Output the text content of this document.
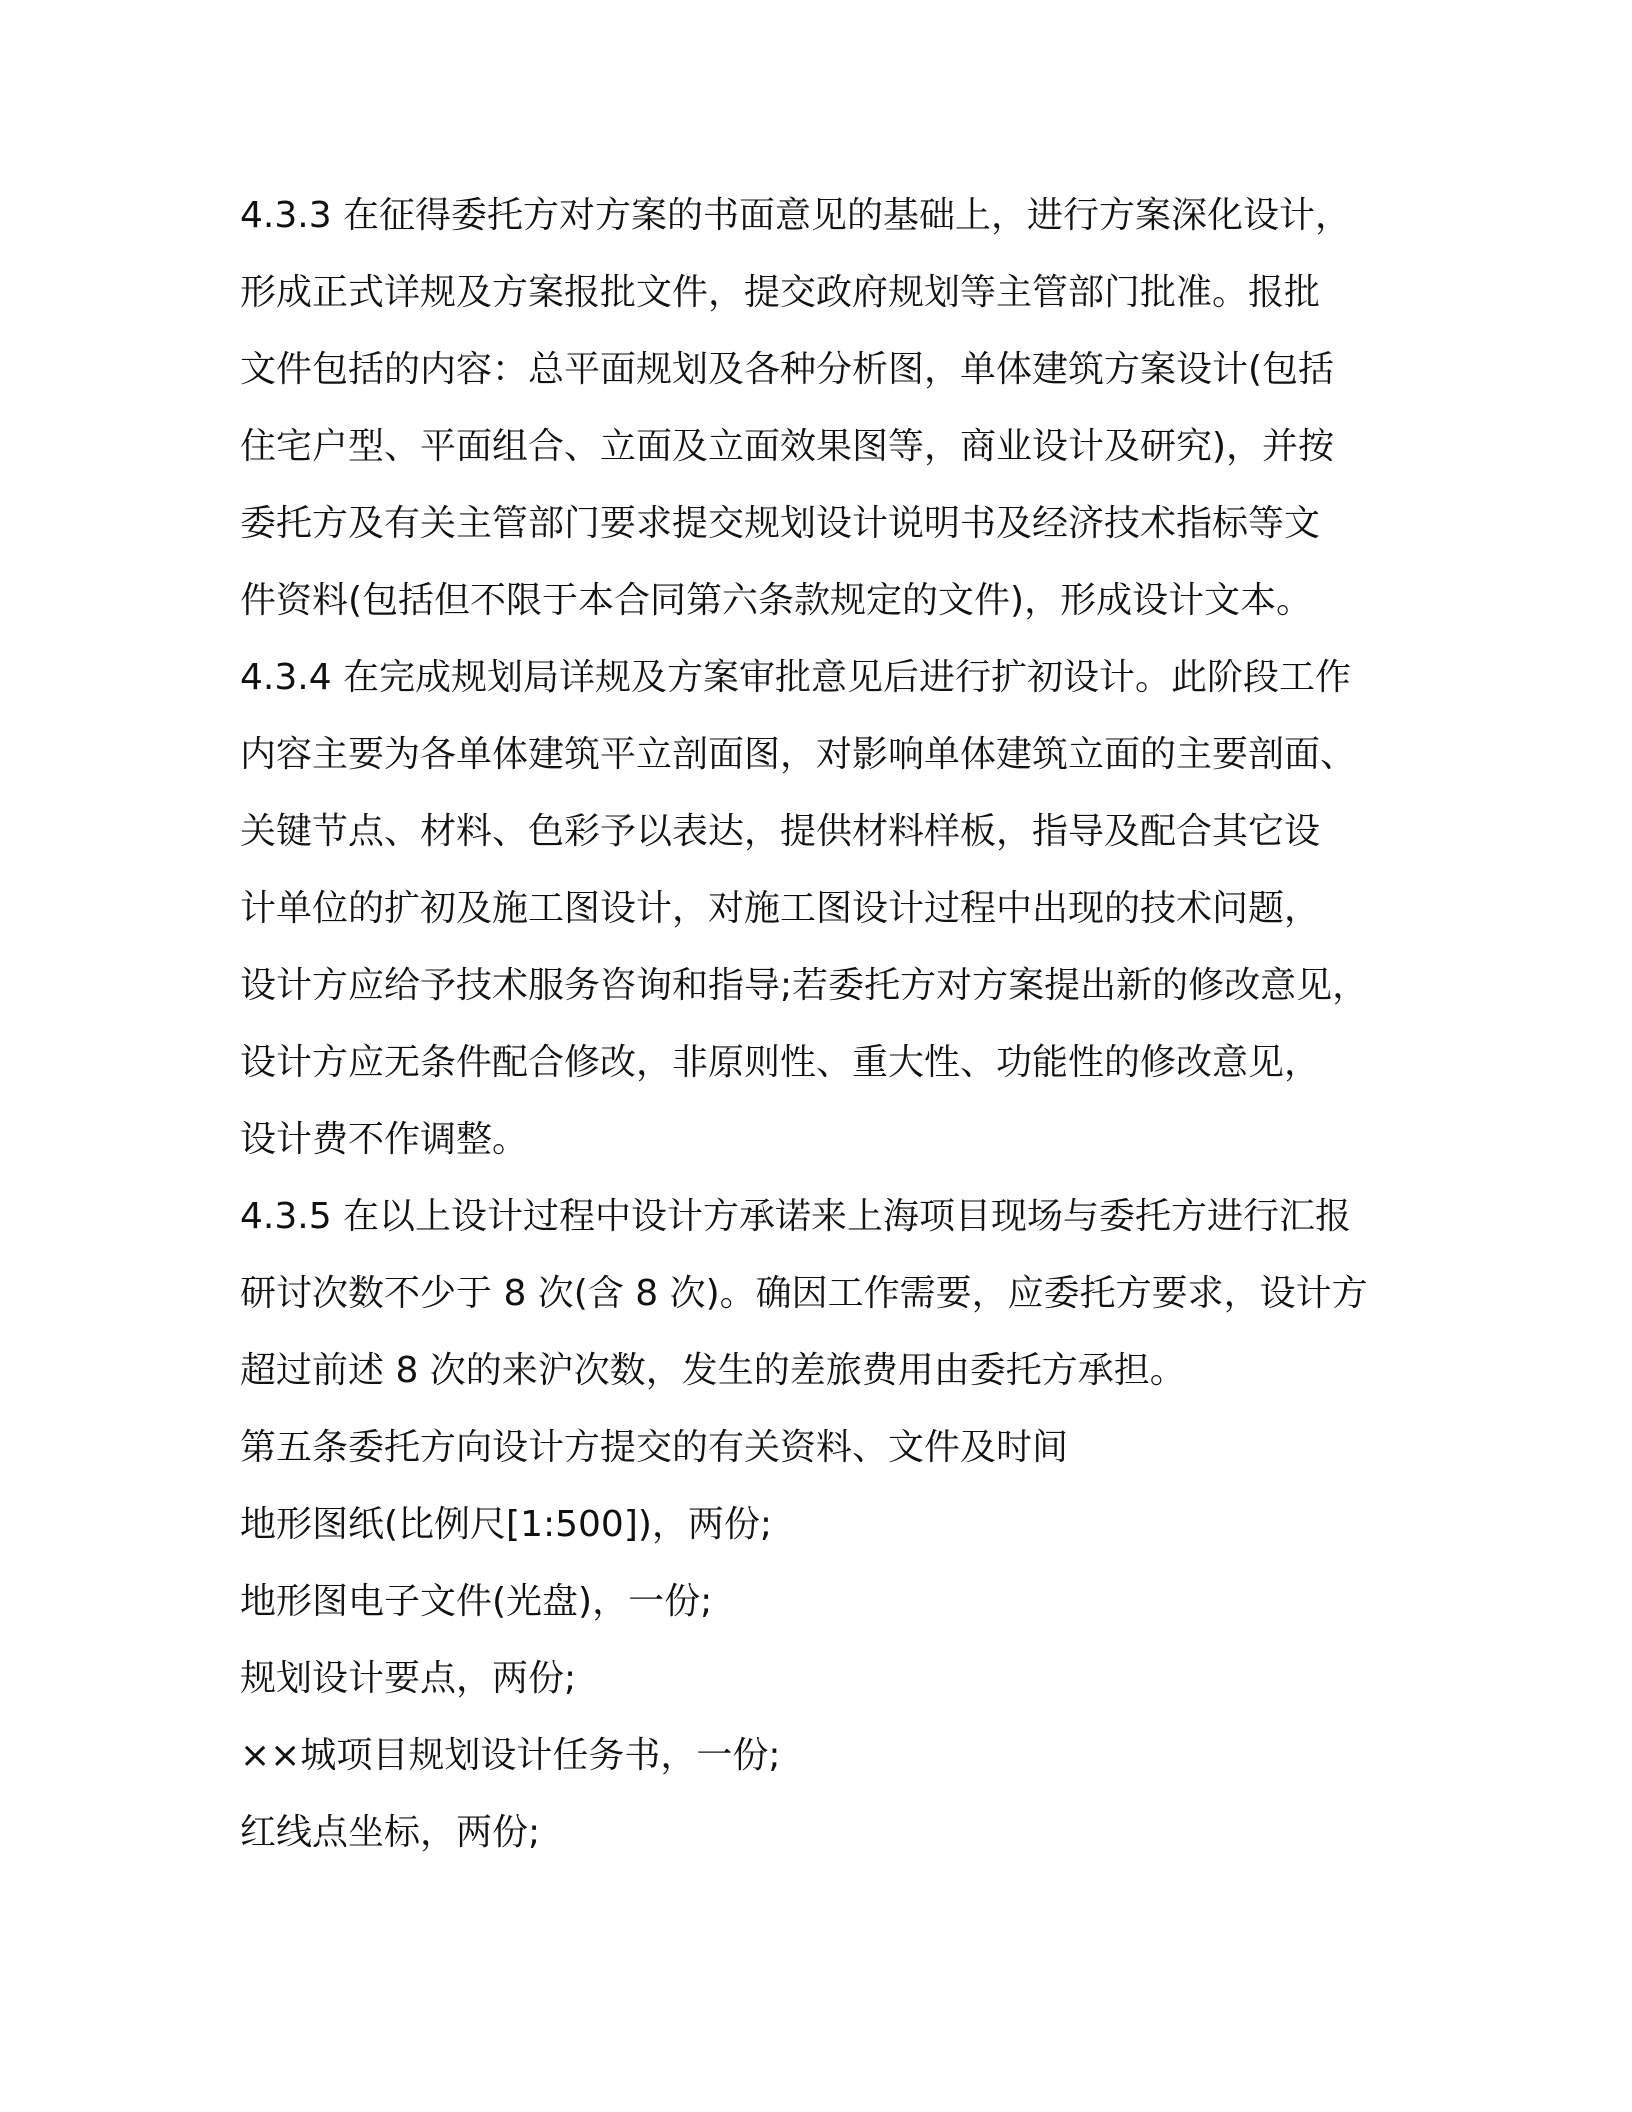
4.3.3 在征得委托方对方案的书面意见的基础上，进行方案深化设计，
形成正式详规及方案报批文件，提交政府规划等主管部门批准。报批
文件包括的内容：总平面规划及各种分析图，单体建筑方案设计(包括
住宅户型、平面组合、立面及立面效果图等，商业设计及研究)，并按
委托方及有关主管部门要求提交规划设计说明书及经济技术指标等文
件资料(包括但不限于本合同第六条款规定的文件)，形成设计文本。
4.3.4 在完成规划局详规及方案审批意见后进行扩初设计。此阶段工作
内容主要为各单体建筑平立剖面图，对影响单体建筑立面的主要剖面、
关键节点、材料、色彩予以表达，提供材料样板，指导及配合其它设
计单位的扩初及施工图设计，对施工图设计过程中出现的技术问题，
设计方应给予技术服务咨询和指导;若委托方对方案提出新的修改意见，
设计方应无条件配合修改，非原则性、重大性、功能性的修改意见，
设计费不作调整。
4.3.5 在以上设计过程中设计方承诺来上海项目现场与委托方进行汇报
研讨次数不少于 8 次(含 8 次)。确因工作需要，应委托方要求，设计方
超过前述 8 次的来沪次数，发生的差旅费用由委托方承担。
第五条委托方向设计方提交的有关资料、文件及时间
地形图纸(比例尺[1:500])，两份;
地形图电子文件(光盘)，一份;
规划设计要点，两份;
××城项目规划设计任务书，一份;
红线点坐标，两份;
